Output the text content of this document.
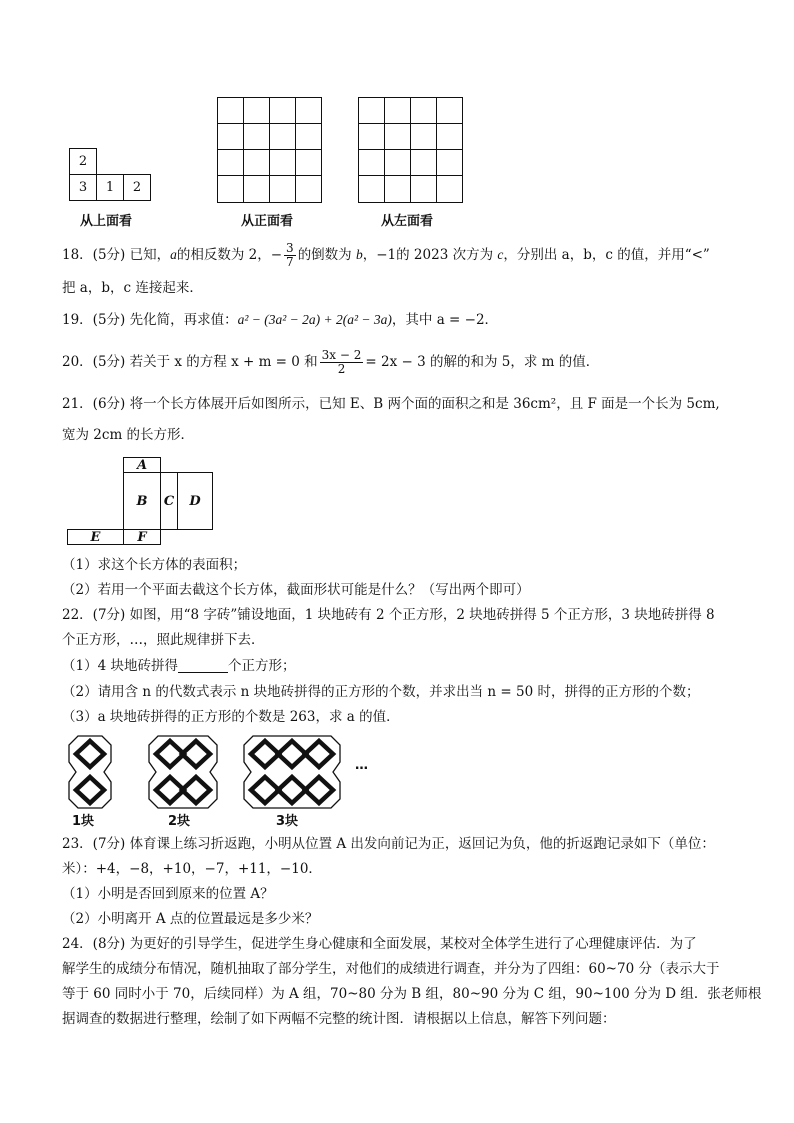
2
3	1	2
从上面看	从正面看	从左面看
18．(5分) 已知，a的相反数为 2，− $\frac{3}{7}$ 的倒数为 b，−1的 2023 次方为 c，分别出 a，b，c 的值，并用“<”
把 a，b，c 连接起来．
19．(5分) 先化简，再求值：a² − (3a² − 2a) + 2(a² − 3a)，其中 a = −2．
20．(5分) 若关于 x 的方程 x + m = 0 和 $\frac{3x - 2}{2} = 2x - 3$ 的解的和为 5，求 m 的值．
21．(6分) 将一个长方体展开后如图所示，已知 E、B 两个面的面积之和是 36cm²，且 F 面是一个长为 5cm,
宽为 2cm 的长方形．
A
B	C	D
E	F
（1）求这个长方体的表面积；
（2）若用一个平面去截这个长方体，截面形状可能是什么？（写出两个即可）
22．(7分) 如图，用“8 字砖”铺设地面，1 块地砖有 2 个正方形，2 块地砖拼得 5 个正方形，3 块地砖拼得 8
个正方形，…，照此规律拼下去．
（1）4 块地砖拼得	个正方形；
（2）请用含 n 的代数式表示 n 块地砖拼得的正方形的个数，并求出当 n = 50 时，拼得的正方形的个数；
（3）a 块地砖拼得的正方形的个数是 263，求 a 的值．
…
1块	2块	3块
23．(7分) 体育课上练习折返跑，小明从位置 A 出发向前记为正，返回记为负，他的折返跑记录如下（单位：
米）：+4，−8，+10，−7，+11，−10．
（1）小明是否回到原来的位置 A？
（2）小明离开 A 点的位置最远是多少米？
24．(8分) 为更好的引导学生，促进学生身心健康和全面发展，某校对全体学生进行了心理健康评估．为了
解学生的成绩分布情况，随机抽取了部分学生，对他们的成绩进行调查，并分为了四组：60~70 分（表示大于
等于 60 同时小于 70，后续同样）为 A 组，70~80 分为 B 组，80~90 分为 C 组，90~100 分为 D 组．张老师根
据调查的数据进行整理，绘制了如下两幅不完整的统计图．请根据以上信息，解答下列问题：
